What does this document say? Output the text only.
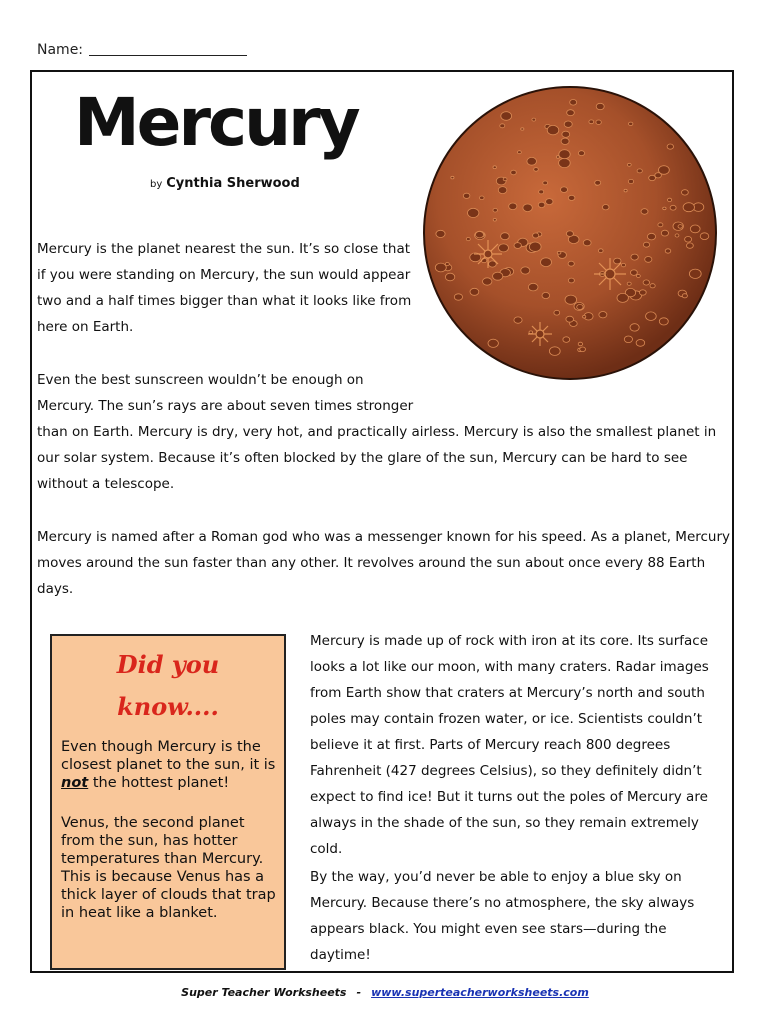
Name:
Mercury
by Cynthia Sherwood

Mercury is the planet nearest the sun. It’s so close that if you were standing on Mercury, the sun would appear two and a half times bigger than what it looks like from here on Earth.

Even the best sunscreen wouldn’t be enough on Mercury. The sun’s rays are about seven times stronger

than on Earth. Mercury is dry, very hot, and practically airless. Mercury is also the smallest planet in our solar system. Because it’s often blocked by the glare of the sun, Mercury can be hard to see without a telescope.

Mercury is named after a Roman god who was a messenger known for his speed. As a planet, Mercury moves around the sun faster than any other. It revolves around the sun about once every 88 Earth days.

Did you
know....

Even though Mercury is the closest planet to the sun, it is not the hottest planet!

Venus, the second planet from the sun, has hotter temperatures than Mercury. This is because Venus has a thick layer of clouds that trap in heat like a blanket.

Mercury is made up of rock with iron at its core. Its surface looks a lot like our moon, with many craters. Radar images from Earth show that craters at Mercury’s north and south poles may contain frozen water, or ice. Scientists couldn’t believe it at first. Parts of Mercury reach 800 degrees Fahrenheit (427 degrees Celsius), so they definitely didn’t expect to find ice! But it turns out the poles of Mercury are always in the shade of the sun, so they remain extremely cold.

By the way, you’d never be able to enjoy a blue sky on Mercury. Because there’s no atmosphere, the sky always appears black. You might even see stars—during the daytime!

Super Teacher Worksheets - www.superteacherworksheets.com
